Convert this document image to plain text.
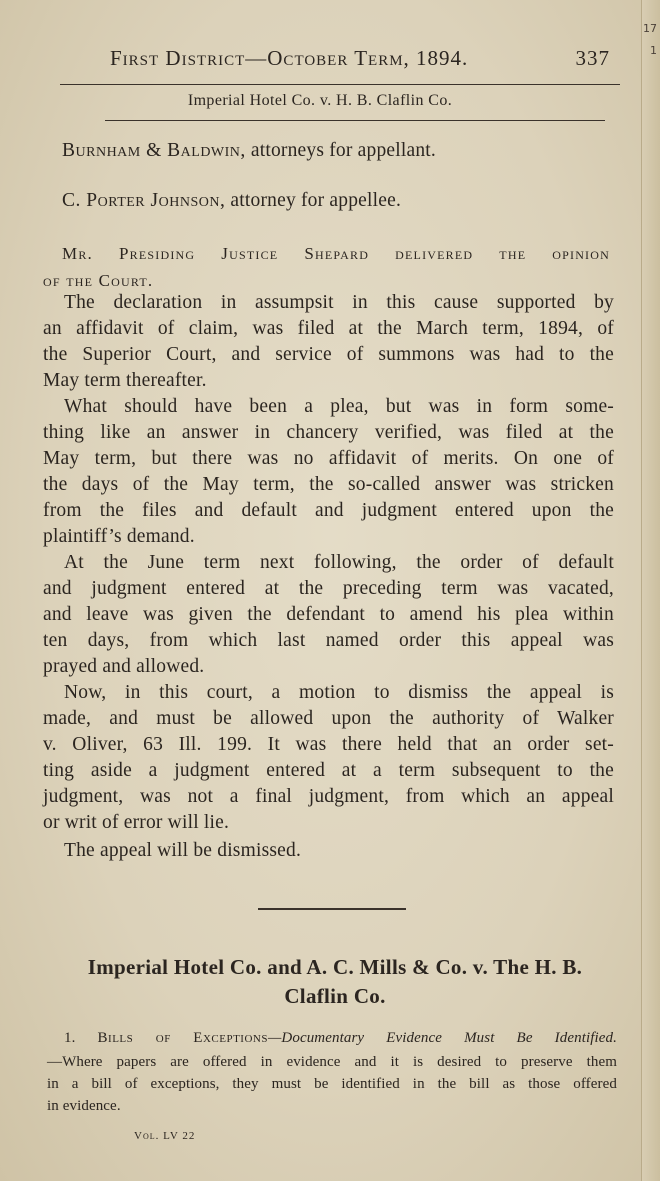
17
1
First District—October Term, 1894.	337
Imperial Hotel Co. v. H. B. Claflin Co.
Burnham & Baldwin, attorneys for appellant.
C. Porter Johnson, attorney for appellee.
Mr. Presiding Justice Shepard delivered the opinion
of the Court.
The declaration in assumpsit in this cause supported by
an affidavit of claim, was filed at the March term, 1894, of
the Superior Court, and service of summons was had to the
May term thereafter.
What should have been a plea, but was in form some-
thing like an answer in chancery verified, was filed at the
May term, but there was no affidavit of merits. On one of
the days of the May term, the so-called answer was stricken
from the files and default and judgment entered upon the
plaintiff’s demand.
At the June term next following, the order of default
and judgment entered at the preceding term was vacated,
and leave was given the defendant to amend his plea within
ten days, from which last named order this appeal was
prayed and allowed.
Now, in this court, a motion to dismiss the appeal is
made, and must be allowed upon the authority of Walker
v. Oliver, 63 Ill. 199. It was there held that an order set-
ting aside a judgment entered at a term subsequent to the
judgment, was not a final judgment, from which an appeal
or writ of error will lie.
The appeal will be dismissed.
Imperial Hotel Co. and A. C. Mills & Co. v. The H. B.
Claflin Co.
1. Bills of Exceptions—Documentary Evidence Must Be Identified.
—Where papers are offered in evidence and it is desired to preserve them
in a bill of exceptions, they must be identified in the bill as those offered
in evidence.
Vol. LV 22
